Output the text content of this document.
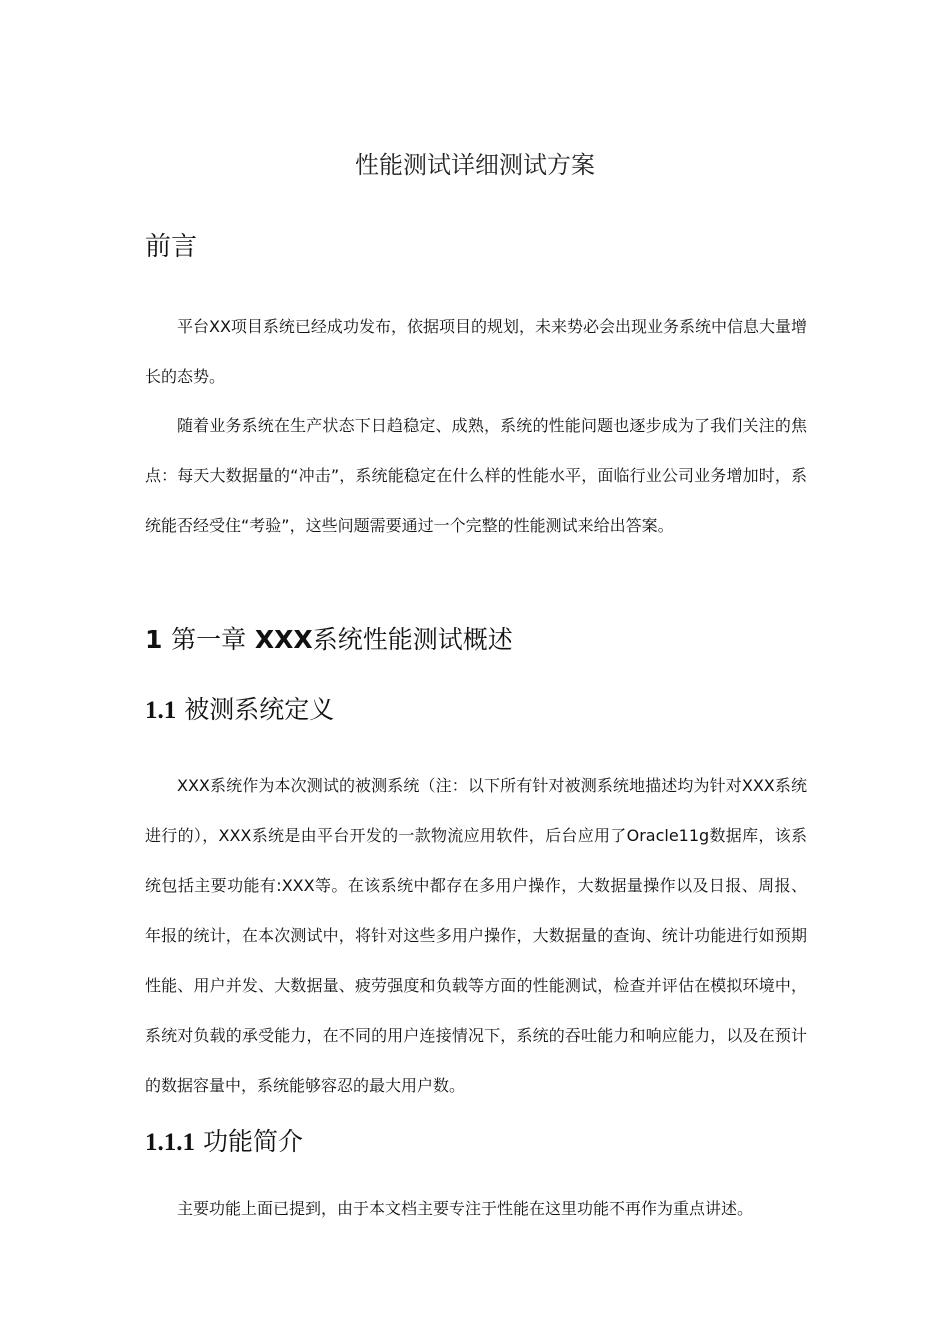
性能测试详细测试方案
前言

平台XX项目系统已经成功发布，依据项目的规划，未来势必会出现业务系统中信息大量增长的态势。

随着业务系统在生产状态下日趋稳定、成熟，系统的性能问题也逐步成为了我们关注的焦点：每天大数据量的“冲击”，系统能稳定在什么样的性能水平，面临行业公司业务增加时，系统能否经受住“考验”，这些问题需要通过一个完整的性能测试来给出答案。

1 第一章 XXX系统性能测试概述
1.1 被测系统定义

XXX系统作为本次测试的被测系统（注：以下所有针对被测系统地描述均为针对XXX系统进行的），XXX系统是由平台开发的一款物流应用软件，后台应用了Oracle11g数据库，该系统包括主要功能有:XXX等。在该系统中都存在多用户操作，大数据量操作以及日报、周报、年报的统计，在本次测试中，将针对这些多用户操作，大数据量的查询、统计功能进行如预期性能、用户并发、大数据量、疲劳强度和负载等方面的性能测试，检查并评估在模拟环境中，系统对负载的承受能力，在不同的用户连接情况下，系统的吞吐能力和响应能力，以及在预计的数据容量中，系统能够容忍的最大用户数。

1.1.1 功能简介

主要功能上面已提到，由于本文档主要专注于性能在这里功能不再作为重点讲述。
